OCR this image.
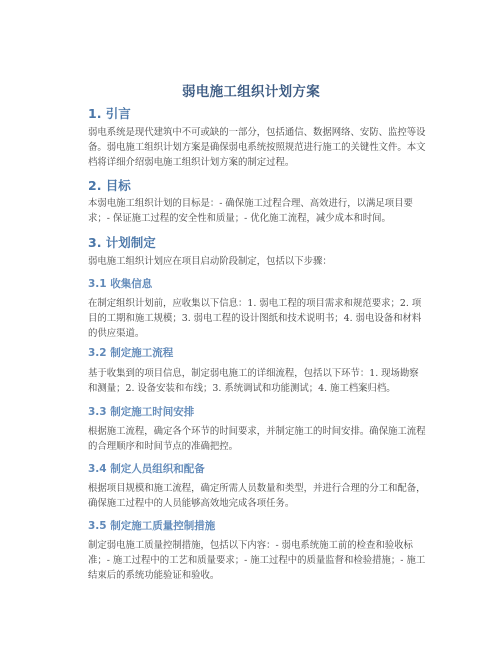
弱电施工组织计划方案
1. 引言

弱电系统是现代建筑中不可或缺的一部分，包括通信、数据网络、安防、监控等设备。弱电施工组织计划方案是确保弱电系统按照规范进行施工的关键性文件。本文档将详细介绍弱电施工组织计划方案的制定过程。

2. 目标

本弱电施工组织计划的目标是：- 确保施工过程合理、高效进行，以满足项目要求；- 保证施工过程的安全性和质量；- 优化施工流程，减少成本和时间。

3. 计划制定

弱电施工组织计划应在项目启动阶段制定，包括以下步骤：

3.1 收集信息

在制定组织计划前，应收集以下信息：1. 弱电工程的项目需求和规范要求；2. 项目的工期和施工规模；3. 弱电工程的设计图纸和技术说明书；4. 弱电设备和材料的供应渠道。

3.2 制定施工流程

基于收集到的项目信息，制定弱电施工的详细流程，包括以下环节：1. 现场勘察和测量；2. 设备安装和布线；3. 系统调试和功能测试；4. 施工档案归档。

3.3 制定施工时间安排

根据施工流程，确定各个环节的时间要求，并制定施工的时间安排。确保施工流程的合理顺序和时间节点的准确把控。

3.4 制定人员组织和配备

根据项目规模和施工流程，确定所需人员数量和类型，并进行合理的分工和配备，确保施工过程中的人员能够高效地完成各项任务。

3.5 制定施工质量控制措施

制定弱电施工质量控制措施，包括以下内容：- 弱电系统施工前的检查和验收标准；- 施工过程中的工艺和质量要求；- 施工过程中的质量监督和检验措施；- 施工结束后的系统功能验证和验收。
